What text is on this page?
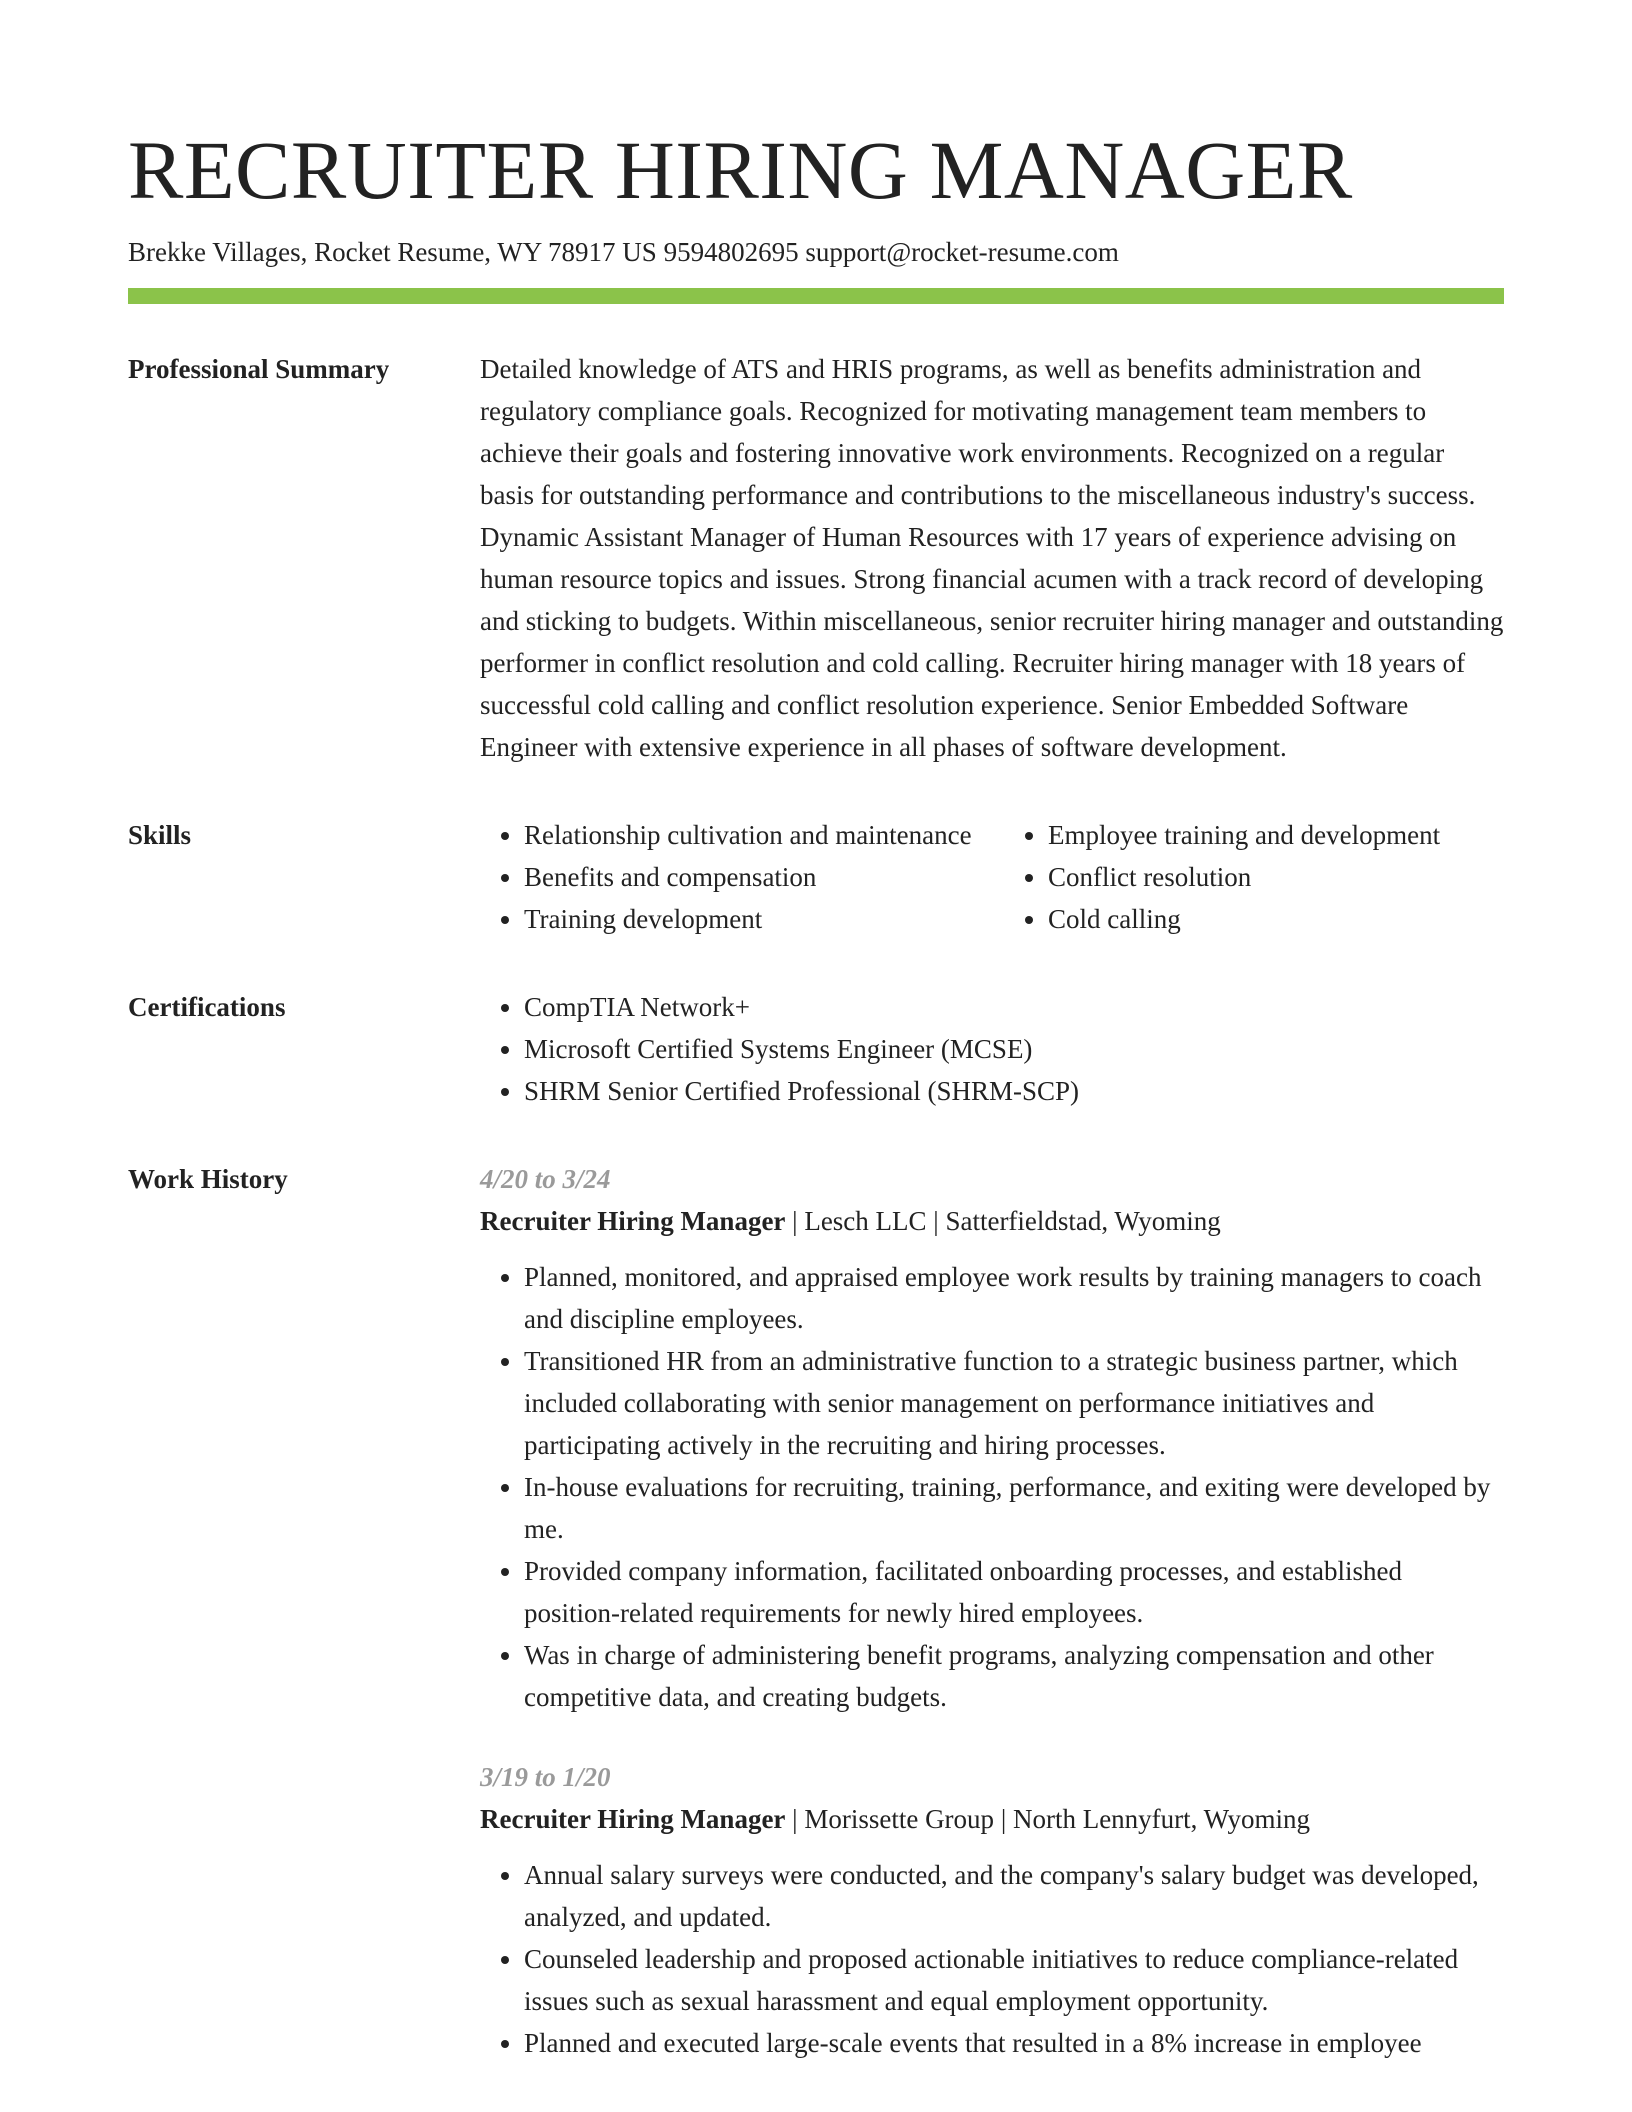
RECRUITER HIRING MANAGER
Brekke Villages, Rocket Resume, WY 78917 US 9594802695 support@rocket-resume.com
Professional Summary	Detailed knowledge of ATS and HRIS programs, as well as benefits administration and regulatory compliance goals. Recognized for motivating management team members to achieve their goals and fostering innovative work environments. Recognized on a regular basis for outstanding performance and contributions to the miscellaneous industry's success. Dynamic Assistant Manager of Human Resources with 17 years of experience advising on human resource topics and issues. Strong financial acumen with a track record of developing and sticking to budgets. Within miscellaneous, senior recruiter hiring manager and outstanding performer in conflict resolution and cold calling. Recruiter hiring manager with 18 years of successful cold calling and conflict resolution experience. Senior Embedded Software Engineer with extensive experience in all phases of software development.

Skills	• Relationship cultivation and maintenance
• Benefits and compensation
• Training development
• Employee training and development
• Conflict resolution
• Cold calling
Certifications	• CompTIA Network+
• Microsoft Certified Systems Engineer (MCSE)
• SHRM Senior Certified Professional (SHRM-SCP)
Work History	4/20 to 3/24
Recruiter Hiring Manager | Lesch LLC | Satterfieldstad, Wyoming
• Planned, monitored, and appraised employee work results by training managers to coach and discipline employees.
• Transitioned HR from an administrative function to a strategic business partner, which included collaborating with senior management on performance initiatives and participating actively in the recruiting and hiring processes.
• In-house evaluations for recruiting, training, performance, and exiting were developed by me.
• Provided company information, facilitated onboarding processes, and established position-related requirements for newly hired employees.
• Was in charge of administering benefit programs, analyzing compensation and other competitive data, and creating budgets.
3/19 to 1/20
Recruiter Hiring Manager | Morissette Group | North Lennyfurt, Wyoming
• Annual salary surveys were conducted, and the company's salary budget was developed, analyzed, and updated.
• Counseled leadership and proposed actionable initiatives to reduce compliance-related issues such as sexual harassment and equal employment opportunity.
• Planned and executed large-scale events that resulted in a 8% increase in employee
